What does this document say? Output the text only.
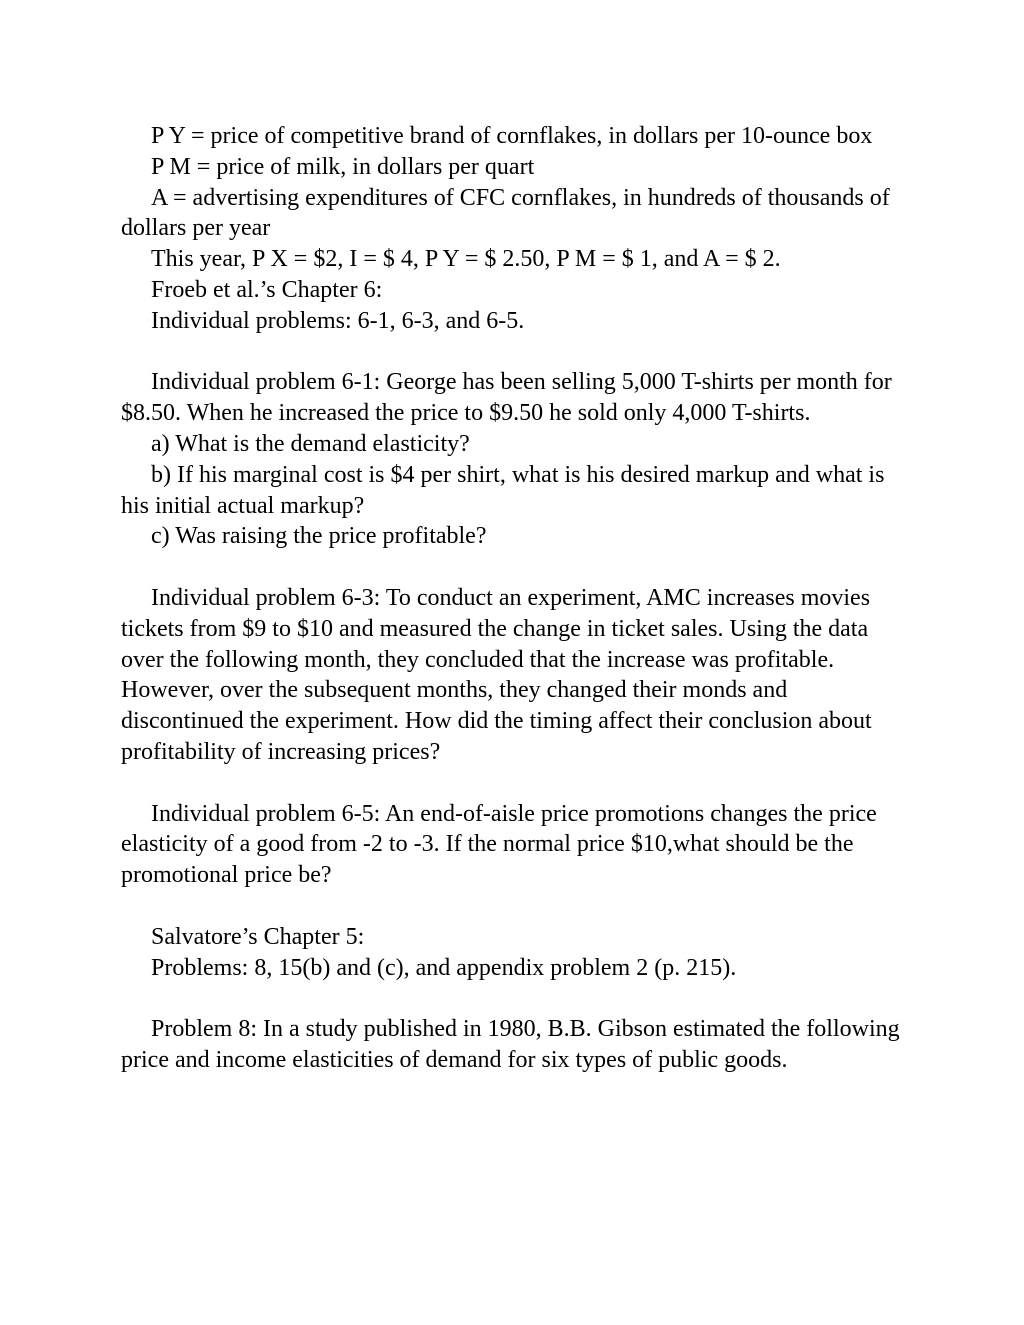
P Y = price of competitive brand of cornflakes, in dollars per 10-ounce box

P M = price of milk, in dollars per quart

A = advertising expenditures of CFC cornflakes, in hundreds of thousands of dollars per year

This year, P X = $2, I = $ 4, P Y = $ 2.50, P M = $ 1, and A = $ 2.

Froeb et al.’s Chapter 6:

Individual problems: 6-1, 6-3, and 6-5.

Individual problem 6-1: George has been selling 5,000 T-shirts per month for $8.50. When he increased the price to $9.50 he sold only 4,000 T-shirts.

a) What is the demand elasticity?

b) If his marginal cost is $4 per shirt, what is his desired markup and what is his initial actual markup?

c) Was raising the price profitable?

Individual problem 6-3: To conduct an experiment, AMC increases movies tickets from $9 to $10 and measured the change in ticket sales. Using the data over the following month, they concluded that the increase was profitable. However, over the subsequent months, they changed their monds and discontinued the experiment. How did the timing affect their conclusion about profitability of increasing prices?

Individual problem 6-5: An end-of-aisle price promotions changes the price elasticity of a good from -2 to -3. If the normal price $10,what should be the promotional price be?

Salvatore’s Chapter 5:

Problems: 8, 15(b) and (c), and appendix problem 2 (p. 215).

Problem 8: In a study published in 1980, B.B. Gibson estimated the following price and income elasticities of demand for six types of public goods.
